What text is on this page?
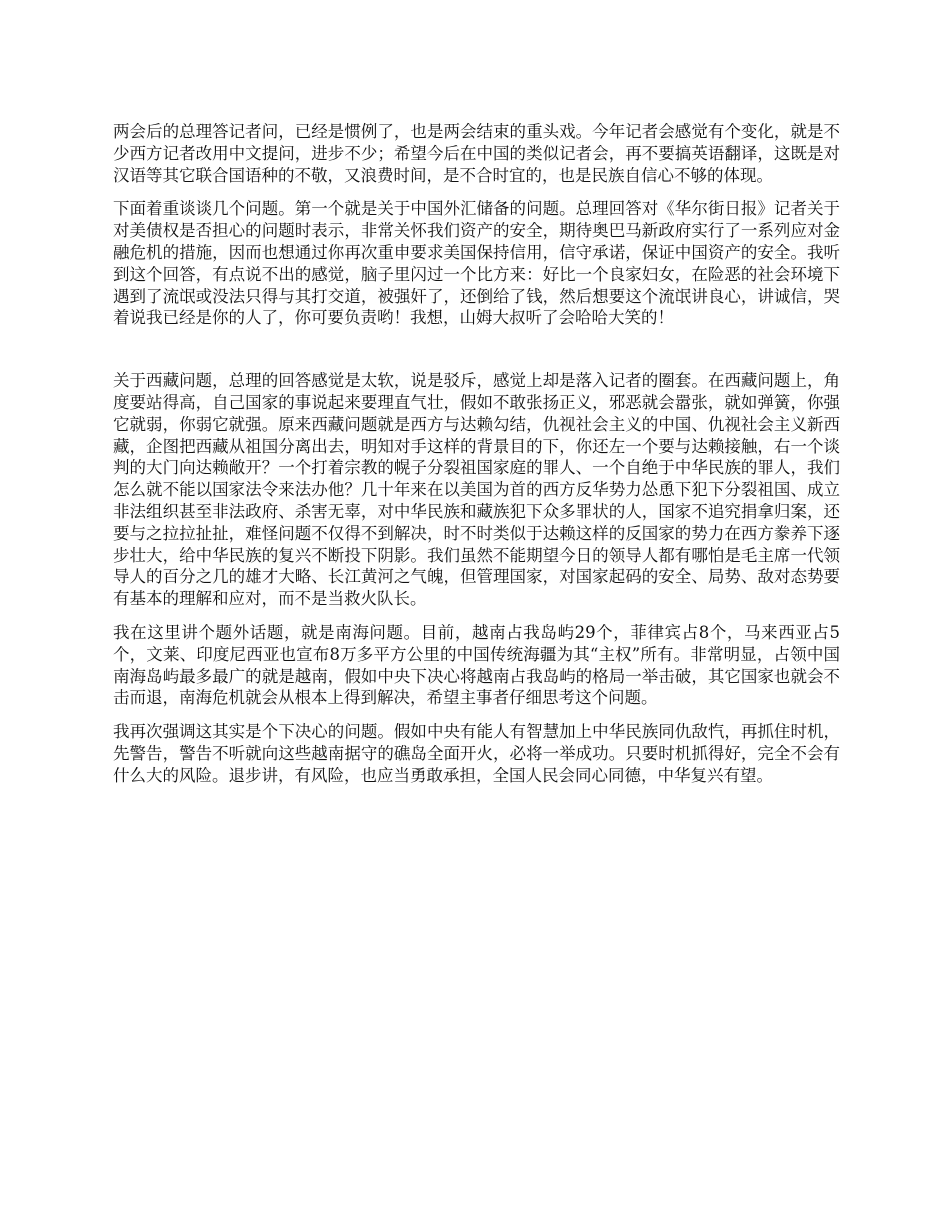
两会后的总理答记者问，已经是惯例了，也是两会结束的重头戏。今年记者会感觉有个变化，就是不少西方记者改用中文提问，进步不少；希望今后在中国的类似记者会，再不要搞英语翻译，这既是对汉语等其它联合国语种的不敬，又浪费时间，是不合时宜的，也是民族自信心不够的体现。

下面着重谈谈几个问题。第一个就是关于中国外汇储备的问题。总理回答对《华尔街日报》记者关于对美债权是否担心的问题时表示，非常关怀我们资产的安全，期待奥巴马新政府实行了一系列应对金融危机的措施，因而也想通过你再次重申要求美国保持信用，信守承诺，保证中国资产的安全。我听到这个回答，有点说不出的感觉，脑子里闪过一个比方来：好比一个良家妇女，在险恶的社会环境下遇到了流氓或没法只得与其打交道，被强奸了，还倒给了钱，然后想要这个流氓讲良心，讲诚信，哭着说我已经是你的人了，你可要负责哟！我想，山姆大叔听了会哈哈大笑的！

关于西藏问题，总理的回答感觉是太软，说是驳斥，感觉上却是落入记者的圈套。在西藏问题上，角度要站得高，自己国家的事说起来要理直气壮，假如不敢张扬正义，邪恶就会嚣张，就如弹簧，你强它就弱，你弱它就强。原来西藏问题就是西方与达赖勾结，仇视社会主义的中国、仇视社会主义新西藏，企图把西藏从祖国分离出去，明知对手这样的背景目的下，你还左一个要与达赖接触，右一个谈判的大门向达赖敞开？一个打着宗教的幌子分裂祖国家庭的罪人、一个自绝于中华民族的罪人，我们怎么就不能以国家法令来法办他？几十年来在以美国为首的西方反华势力怂恿下犯下分裂祖国、成立非法组织甚至非法政府、杀害无辜，对中华民族和藏族犯下众多罪状的人，国家不追究捐拿归案，还要与之拉拉扯扯，难怪问题不仅得不到解决，时不时类似于达赖这样的反国家的势力在西方豢养下逐步壮大，给中华民族的复兴不断投下阴影。我们虽然不能期望今日的领导人都有哪怕是毛主席一代领导人的百分之几的雄才大略、长江黄河之气魄，但管理国家，对国家起码的安全、局势、敌对态势要有基本的理解和应对，而不是当救火队长。

我在这里讲个题外话题，就是南海问题。目前，越南占我岛屿29个，菲律宾占8个，马来西亚占5个，文莱、印度尼西亚也宣布8万多平方公里的中国传统海疆为其“主权”所有。非常明显，占领中国南海岛屿最多最广的就是越南，假如中央下决心将越南占我岛屿的格局一举击破，其它国家也就会不击而退，南海危机就会从根本上得到解决，希望主事者仔细思考这个问题。

我再次强调这其实是个下决心的问题。假如中央有能人有智慧加上中华民族同仇敌忾，再抓住时机，先警告，警告不听就向这些越南据守的礁岛全面开火，必将一举成功。只要时机抓得好，完全不会有什么大的风险。退步讲，有风险，也应当勇敢承担，全国人民会同心同德，中华复兴有望。
